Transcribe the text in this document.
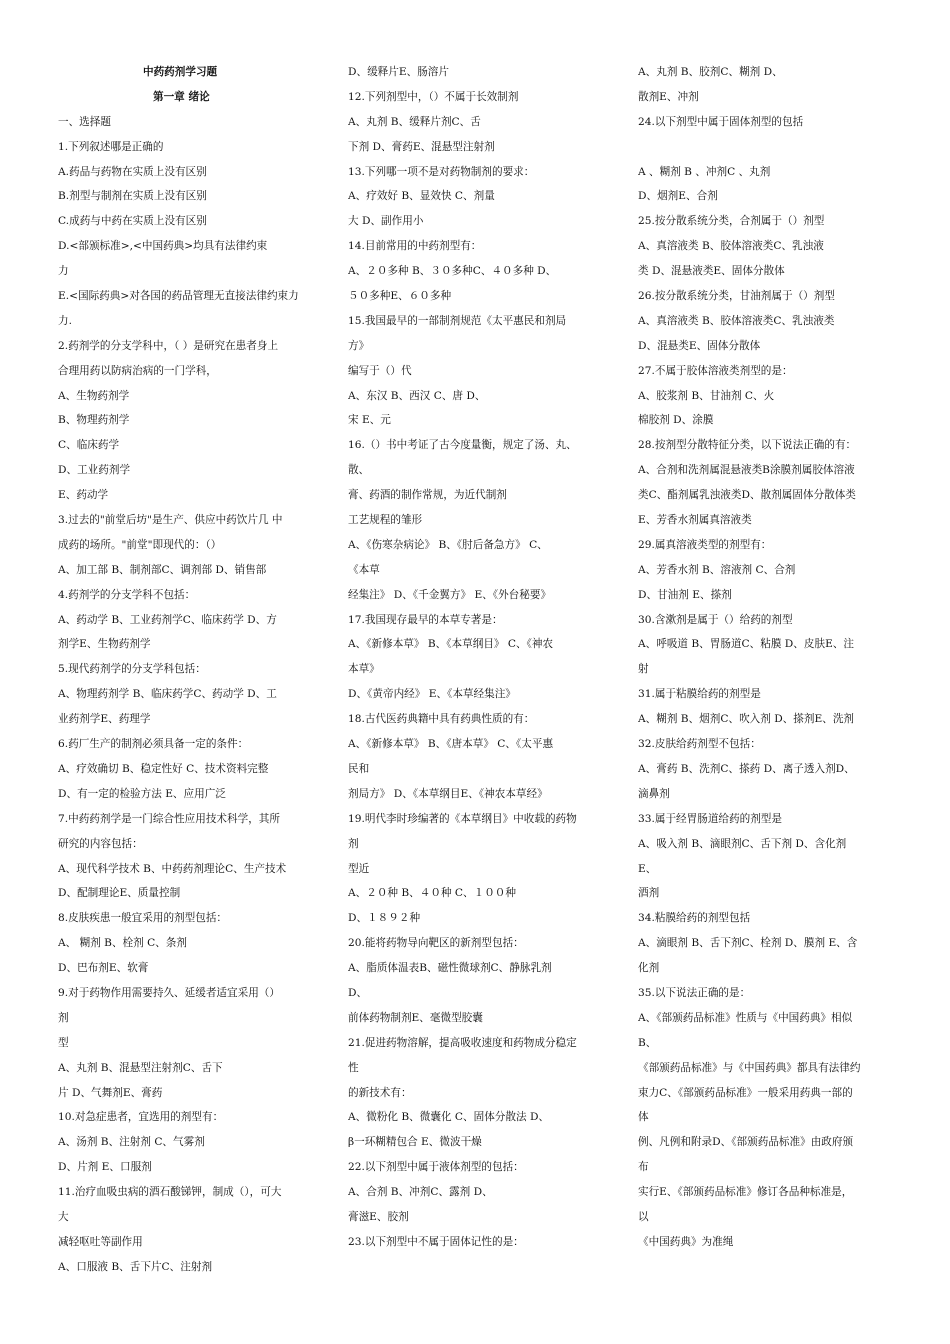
中药药剂学习题
第一章 绪论
一、选择题
1.下列叙述哪是正确的
A.药品与药物在实质上没有区别
B.剂型与制剂在实质上没有区别
C.成药与中药在实质上没有区别
D.<部颁标准>,<中国药典>均具有法律约束
力
E.<国际药典>对各国的药品管理无直接法律约束力
力.
2.药剂学的分支学科中，（ ）是研究在患者身上
合理用药以防病治病的一门学科，
A、生物药剂学
B、物理药剂学
C、临床药学
D、工业药剂学
E、药动学
3.过去的"前堂后坊"是生产、供应中药饮片几 中
成药的场所。"前堂"即现代的：（）
A、加工部 B、制剂部C、调剂部 D、销售部
4.药剂学的分支学科不包括：
A、药动学 B、工业药剂学C、临床药学 D、方
剂学E、生物药剂学
5.现代药剂学的分支学科包括：
A、物理药剂学 B、临床药学C、药动学 D、工
业药剂学E、药理学
6.药厂生产的制剂必须具备一定的条件：
A、疗效确切 B、稳定性好 C、技术资料完整
D、有一定的检验方法 E、应用广泛
7.中药药剂学是一门综合性应用技术科学，其所
研究的内容包括：
A、现代科学技术 B、中药药剂理论C、生产技术
D、配制理论E、质量控制
8.皮肤疾患一般宜采用的剂型包括：
A、 糊剂 B、栓剂 C、条剂
D、巴布剂E、软膏
9.对于药物作用需要持久、延缓者适宜采用（）
剂
型
A、丸剂 B、混悬型注射剂C、舌下
片 D、气舞剂E、膏药
10.对急症患者，宜选用的剂型有：
A、汤剂 B、注射剂 C、气雾剂
D、片剂 E、口服剂
11.治疗血吸虫病的酒石酸锑钾，制成（），可大
大
减轻呕吐等副作用
A、口服液 B、舌下片C、注射剂
D、缓释片E、肠溶片
12.下列剂型中，（）不属于长效制剂
A、丸剂 B、缓释片剂C、舌
下剂 D、膏药E、混悬型注射剂
13.下列哪一项不是对药物制剂的要求：
A、疗效好 B、显效快 C、剂量
大 D、副作用小
14.目前常用的中药剂型有：
A、２０多种 B、３０多种C、４０多种 D、
５０多种E、６０多种
15.我国最早的一部制剂规范《太平惠民和剂局
方》
编写于（）代
A、东汉 B、西汉 C、唐 D、
宋 E、元
16.（）书中考证了古今度量衡，规定了汤、丸、
散、
膏、药酒的制作常规，为近代制剂
工艺规程的雏形
A、《伤寒杂病论》 B、《肘后备急方》 C、
《本草
经集注》 D、《千金翼方》 E、《外台秘要》
17.我国现存最早的本草专著是：
A、《新修本草》 B、《本草纲目》 C、《神农
本草》
D、《黄帝内经》 E、《本草经集注》
18.古代医药典籍中具有药典性质的有：
A、《新修本草》 B、《唐本草》 C、《太平惠
民和
剂局方》 D、《本草纲目E、《神农本草经》
19.明代李时珍编著的《本草纲目》中收载的药物
剂
型近
A、２０种 B、４０种 C、１００种
D、１８９２种
20.能将药物导向靶区的新剂型包括：
A、脂质体温表B、磁性微球剂C、静脉乳剂
D、
前体药物制剂E、毫微型胶囊
21.促进药物溶解，提高吸收速度和药物成分稳定
性
的新技术有：
A、微粉化 B、微囊化 C、固体分散法 D、
β一环糊精包合 E、微波干燥
22.以下剂型中属于液体剂型的包括：
A、合剂 B、冲剂C、露剂 D、
膏滋E、胶剂
23.以下剂型中不属于固体记性的是：
A、丸剂 B、胶剂C、糊剂 D、
散剂E、冲剂
24.以下剂型中属于固体剂型的包括
A 、糊剂 B 、冲剂C 、丸剂
D、烟剂E、合剂
25.按分散系统分类，合剂属于（）剂型
A、真溶液类 B、胶体溶液类C、乳浊液
类 D、混悬液类E、固体分散体
26.按分散系统分类，甘油剂属于（）剂型
A、真溶液类 B、胶体溶液类C、乳浊液类
D、混悬类E、固体分散体
27.不属于胶体溶液类剂型的是：
A、胶浆剂 B、甘油剂 C、火
棉胶剂 D、涂膜
28.按剂型分散特征分类，以下说法正确的有：
A、合剂和洗剂属混悬液类B涂膜剂属胶体溶液
类C、酯剂属乳浊液类D、散剂属固体分散体类
E、芳香水剂属真溶液类
29.属真溶液类型的剂型有：
A、芳香水剂 B、溶液剂 C、合剂
D、甘油剂 E、搽剂
30.含漱剂是属于（）给药的剂型
A、呼吸道 B、胃肠道C、粘膜 D、皮肤E、注
射
31.属于粘膜给药的剂型是
A、糊剂 B、烟剂C、吹入剂 D、搽剂E、洗剂
32.皮肤给药剂型不包括：
A、膏药 B、洗剂C、搽药 D、离子透入剂D、
滴鼻剂
33.属于经胃肠道给药的剂型是
A、吸入剂 B、滴眼剂C、舌下剂 D、含化剂
E、
酒剂
34.粘膜给药的剂型包括
A、滴眼剂 B、舌下剂C、栓剂 D、膜剂 E、含
化剂
35.以下说法正确的是：
A、《部颁药品标准》性质与《中国药典》相似
B、
《部颁药品标准》与《中国药典》都具有法律约
束力C、《部颁药品标准》一般采用药典一部的
体
例、凡例和附录D、《部颁药品标准》由政府颁
布
实行E、《部颁药品标准》修订各品种标准是，
以
《中国药典》为准绳
